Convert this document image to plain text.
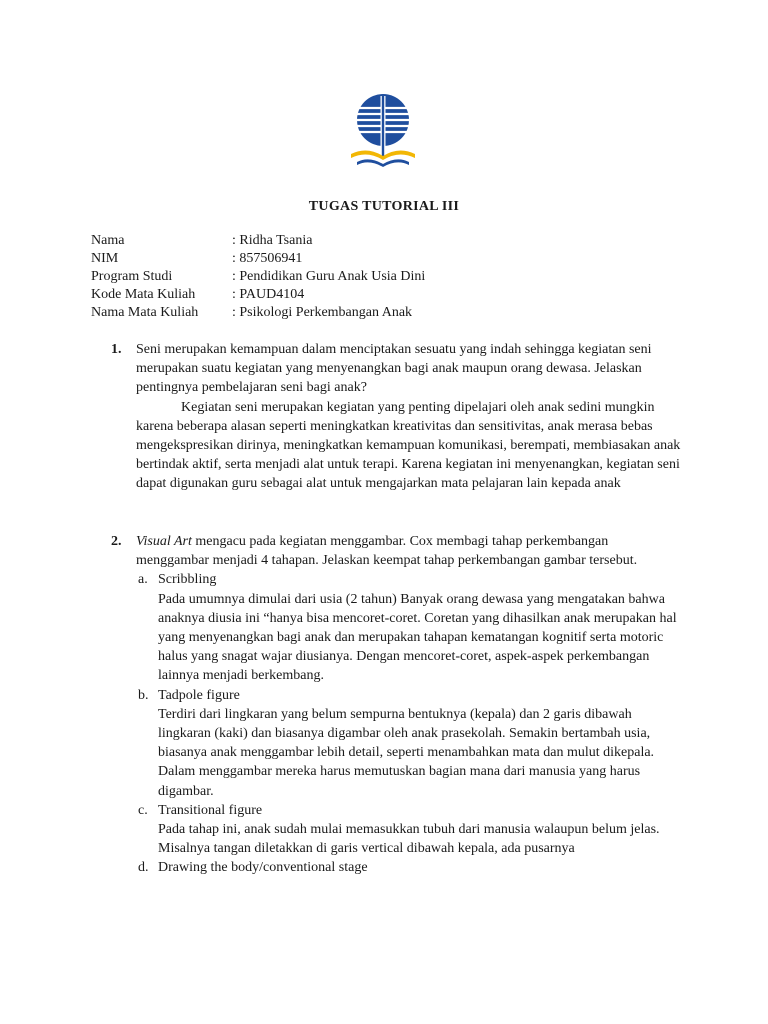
TUGAS TUTORIAL III
Nama	: Ridha Tsania
NIM	: 857506941
Program Studi	: Pendidikan Guru Anak Usia Dini
Kode Mata Kuliah	: PAUD4104
Nama Mata Kuliah	: Psikologi Perkembangan Anak
1. Seni merupakan kemampuan dalam menciptakan sesuatu yang indah sehingga kegiatan seni merupakan suatu kegiatan yang menyenangkan bagi anak maupun orang dewasa. Jelaskan pentingnya pembelajaran seni bagi anak?

Kegiatan seni merupakan kegiatan yang penting dipelajari oleh anak sedini mungkin karena beberapa alasan seperti meningkatkan kreativitas dan sensitivitas, anak merasa bebas mengekspresikan dirinya, meningkatkan kemampuan komunikasi, berempati, membiasakan anak bertindak aktif, serta menjadi alat untuk terapi. Karena kegiatan ini menyenangkan, kegiatan seni dapat digunakan guru sebagai alat untuk mengajarkan mata pelajaran lain kepada anak

2. Visual Art mengacu pada kegiatan menggambar. Cox membagi tahap perkembangan menggambar menjadi 4 tahapan. Jelaskan keempat tahap perkembangan gambar tersebut.

a. Scribbling

Pada umumnya dimulai dari usia (2 tahun) Banyak orang dewasa yang mengatakan bahwa anaknya diusia ini “hanya bisa mencoret-coret. Coretan yang dihasilkan anak merupakan hal yang menyenangkan bagi anak dan merupakan tahapan kematangan kognitif serta motoric halus yang snagat wajar diusianya. Dengan mencoret-coret, aspek-aspek perkembangan lainnya menjadi berkembang.

b. Tadpole figure

Terdiri dari lingkaran yang belum sempurna bentuknya (kepala) dan 2 garis dibawah lingkaran (kaki) dan biasanya digambar oleh anak prasekolah. Semakin bertambah usia, biasanya anak menggambar lebih detail, seperti menambahkan mata dan mulut dikepala. Dalam menggambar mereka harus memutuskan bagian mana dari manusia yang harus digambar.

c. Transitional figure

Pada tahap ini, anak sudah mulai memasukkan tubuh dari manusia walaupun belum jelas. Misalnya tangan diletakkan di garis vertical dibawah kepala, ada pusarnya

d. Drawing the body/conventional stage
